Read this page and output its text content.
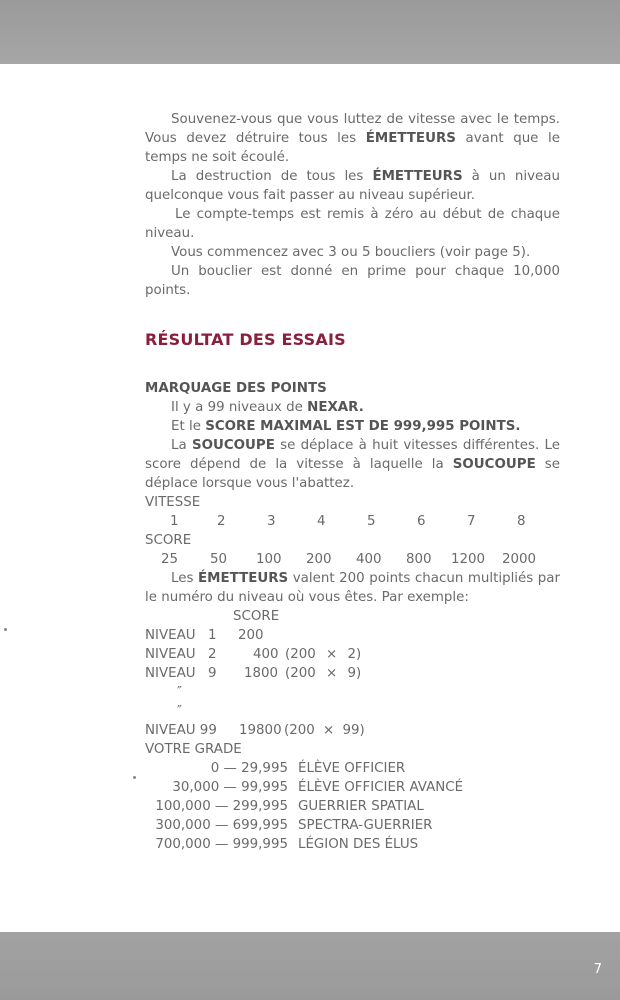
Souvenez-vous que vous luttez de vitesse avec le temps. Vous devez détruire tous les ÉMETTEURS avant que le temps ne soit écoulé.

La destruction de tous les ÉMETTEURS à un niveau quelconque vous fait passer au niveau supérieur.

Le compte-temps est remis à zéro au début de chaque niveau.

Vous commencez avec 3 ou 5 boucliers (voir page 5).

Un bouclier est donné en prime pour chaque 10,000 points.

RÉSULTAT DES ESSAIS
MARQUAGE DES POINTS
Il y a 99 niveaux de NEXAR.
Et le SCORE MAXIMAL EST DE 999,995 POINTS.

La SOUCOUPE se déplace à huit vitesses différentes. Le score dépend de la vitesse à laquelle la SOUCOUPE se déplace lorsque vous l'abattez.

VITESSE
1	2	3	4	5	6	7	8
SCORE
25 50 100 200 400 800 1200 2000

Les ÉMETTEURS valent 200 points chacun multipliés par le numéro du niveau où vous êtes. Par exemple:

SCORE
NIVEAU 1 200
NIVEAU 2	400 (200 × 2)
NIVEAU 9 1800 (200 × 9)
″
″
NIVEAU 99 19800 (200 × 99)
VOTRE GRADE
0 — 29,995 ÉLÈVE OFFICIER
30,000 — 99,995 ÉLÈVE OFFICIER AVANCÉ
100,000 — 299,995 GUERRIER SPATIAL
300,000 — 699,995 SPECTRA-GUERRIER
700,000 — 999,995 LÉGION DES ÉLUS
7
